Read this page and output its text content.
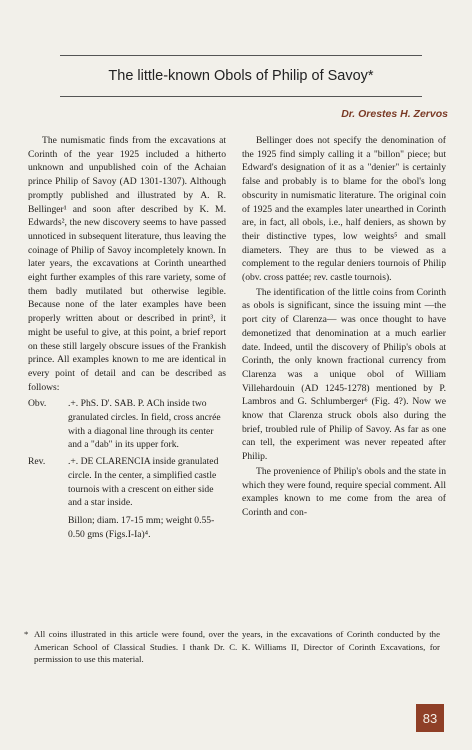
The little-known Obols of Philip of Savoy*
Dr. Orestes H. Zervos

The numismatic finds from the excavations at Corinth of the year 1925 included a hitherto unknown and unpublished coin of the Achaian prince Philip of Savoy (AD 1301-1307). Although promptly published and illustrated by A. R. Bellinger¹ and soon after described by K. M. Edwards², the new discovery seems to have passed unnoticed in subsequent literature, thus leaving the coinage of Philip of Savoy incompletely known. In later years, the excavations at Corinth unearthed eight further examples of this rare variety, some of them badly mutilated but otherwise legible. Because none of the later examples have been properly written about or described in print³, it might be useful to give, at this point, a brief report on these still largely obscure issues of the Frankish prince. All examples known to me are identical in every point of detail and can be described as follows:

Obv.	.+. PhS. D'. SAB. P. ACh inside two granulated circles. In field, cross ancrée with a diagonal line through its center and a "dab" in its upper fork.
Rev.	.+. DE CLARENCIA inside granulated circle. In the center, a simplified castle tournois with a crescent on either side and a star inside.
Billon; diam. 17-15 mm; weight 0.55-0.50 gms (Figs.I-Ia)⁴.

Bellinger does not specify the denomination of the 1925 find simply calling it a "billon" piece; but Edward's designation of it as a "denier" is certainly false and probably is to blame for the obol's long obscurity in numismatic literature. The original coin of 1925 and the examples later unearthed in Corinth are, in fact, all obols, i.e., half deniers, as shown by their distinctive types, low weights⁵ and small diameters. They are thus to be viewed as a complement to the regular deniers tournois of Philip (obv. cross pattée; rev. castle tournois).

The identification of the little coins from Corinth as obols is significant, since the issuing mint —the port city of Clarenza— was once thought to have demonetized that denomination at a much earlier date. Indeed, until the discovery of Philip's obols at Corinth, the only known fractional currency from Clarenza was a unique obol of William Villehardouin (AD 1245-1278) mentioned by P. Lambros and G. Schlumberger⁶ (Fig. 4?). Now we know that Clarenza struck obols also during the brief, troubled rule of Philip of Savoy. As far as one can tell, the experiment was never repeated after Philip.

The provenience of Philip's obols and the state in which they were found, require special comment. All examples known to me come from the area of Corinth and con-

* All coins illustrated in this article were found, over the years, in the excavations of Corinth conducted by the American School of Classical Studies. I thank Dr. C. K. Williams II, Director of Corinth Excavations, for permission to use this material.
83
